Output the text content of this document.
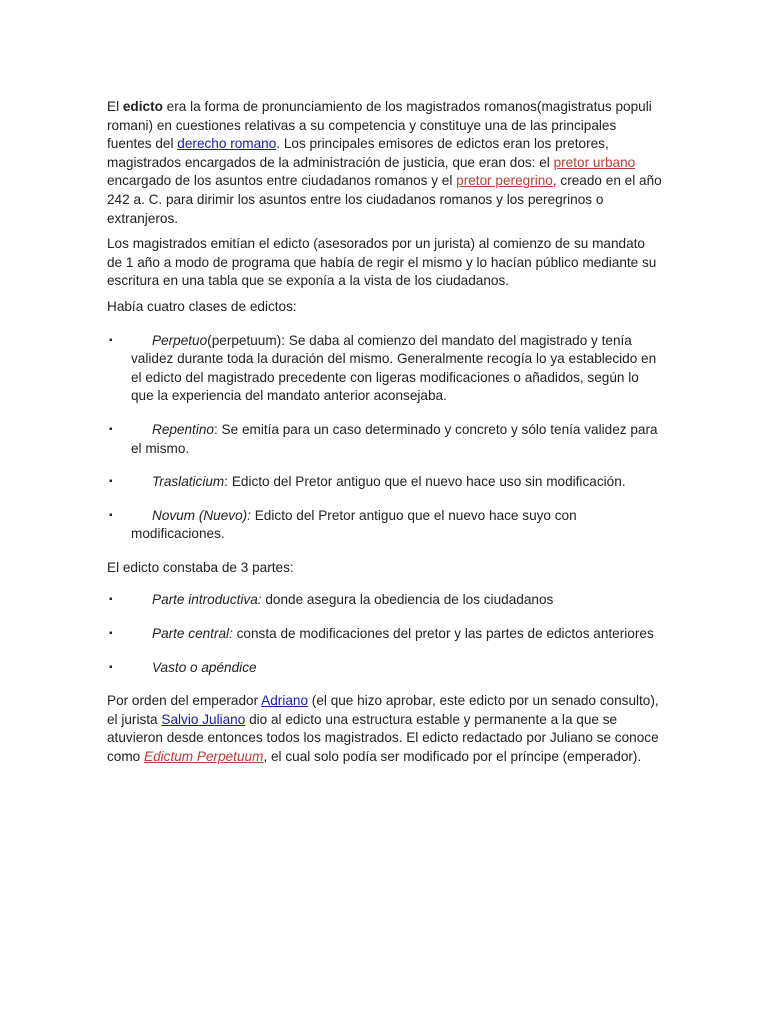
El edicto era la forma de pronunciamiento de los magistrados romanos(magistratus populi romani) en cuestiones relativas a su competencia y constituye una de las principales fuentes del derecho romano. Los principales emisores de edictos eran los pretores, magistrados encargados de la administración de justicia, que eran dos: el pretor urbano encargado de los asuntos entre ciudadanos romanos y el pretor peregrino, creado en el año 242 a. C. para dirimir los asuntos entre los ciudadanos romanos y los peregrinos o extranjeros.

Los magistrados emitían el edicto (asesorados por un jurista) al comienzo de su mandato de 1 año a modo de programa que había de regir el mismo y lo hacían público mediante su escritura en una tabla que se exponía a la vista de los ciudadanos.

Había cuatro clases de edictos:

▪	Perpetuo(perpetuum): Se daba al comienzo del mandato del magistrado y tenía validez durante toda la duración del mismo. Generalmente recogía lo ya establecido en el edicto del magistrado precedente con ligeras modificaciones o añadidos, según lo que la experiencia del mandato anterior aconsejaba.
▪	Repentino: Se emitía para un caso determinado y concreto y sólo tenía validez para el mismo.
▪	Traslaticium: Edicto del Pretor antiguo que el nuevo hace uso sin modificación.
▪	Novum (Nuevo): Edicto del Pretor antiguo que el nuevo hace suyo con modificaciones.

El edicto constaba de 3 partes:

▪	Parte introductiva: donde asegura la obediencia de los ciudadanos
▪	Parte central: consta de modificaciones del pretor y las partes de edictos anteriores
▪	Vasto o apéndice

Por orden del emperador Adriano (el que hizo aprobar, este edicto por un senado consulto), el jurista Salvio Juliano dio al edicto una estructura estable y permanente a la que se atuvieron desde entonces todos los magistrados. El edicto redactado por Juliano se conoce como Edictum Perpetuum, el cual solo podía ser modificado por el príncipe (emperador).
